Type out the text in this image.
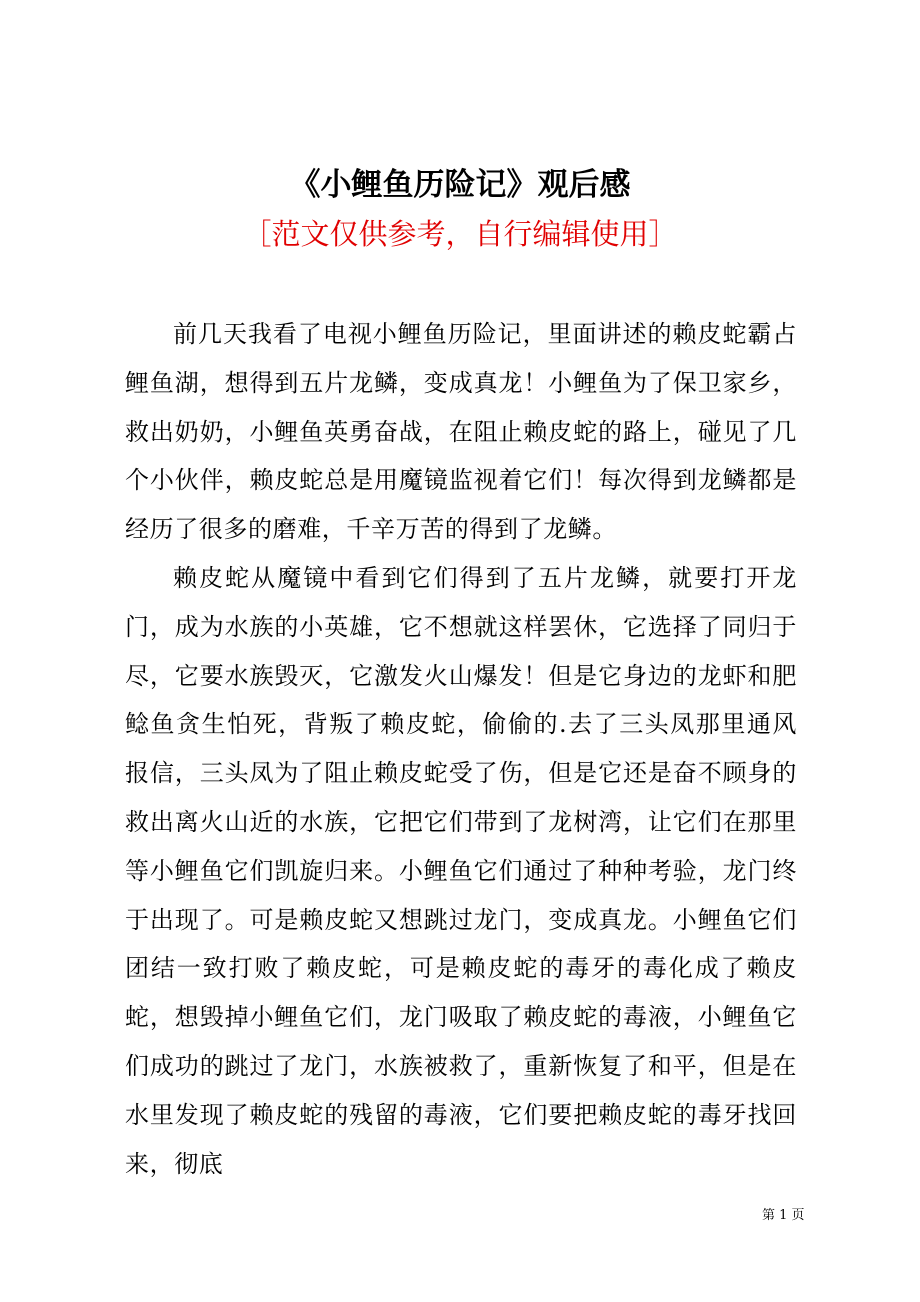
《小鲤鱼历险记》观后感
［范文仅供参考，自行编辑使用］

前几天我看了电视小鲤鱼历险记，里面讲述的赖皮蛇霸占鲤鱼湖，想得到五片龙鳞，变成真龙！小鲤鱼为了保卫家乡，救出奶奶，小鲤鱼英勇奋战，在阻止赖皮蛇的路上，碰见了几个小伙伴，赖皮蛇总是用魔镜监视着它们！每次得到龙鳞都是经历了很多的磨难，千辛万苦的得到了龙鳞。

赖皮蛇从魔镜中看到它们得到了五片龙鳞，就要打开龙门，成为水族的小英雄，它不想就这样罢休，它选择了同归于尽，它要水族毁灭，它激发火山爆发！但是它身边的龙虾和肥鲶鱼贪生怕死，背叛了赖皮蛇，偷偷的.去了三头凤那里通风报信，三头凤为了阻止赖皮蛇受了伤，但是它还是奋不顾身的救出离火山近的水族，它把它们带到了龙树湾，让它们在那里等小鲤鱼它们凯旋归来。小鲤鱼它们通过了种种考验，龙门终于出现了。可是赖皮蛇又想跳过龙门，变成真龙。小鲤鱼它们团结一致打败了赖皮蛇，可是赖皮蛇的毒牙的毒化成了赖皮蛇，想毁掉小鲤鱼它们，龙门吸取了赖皮蛇的毒液，小鲤鱼它们成功的跳过了龙门，水族被救了，重新恢复了和平，但是在水里发现了赖皮蛇的残留的毒液，它们要把赖皮蛇的毒牙找回来，彻底

第 1 页
